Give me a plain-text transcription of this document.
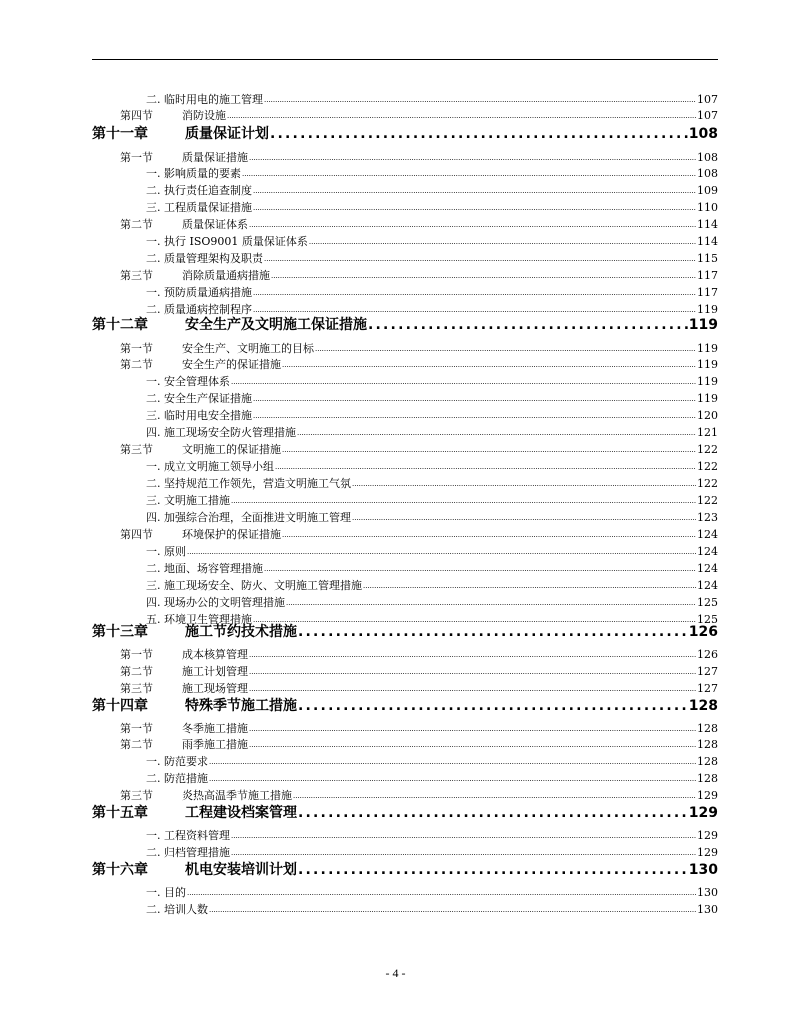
二. 临时用电的施工管理 .....	107
第四节	消防设施 .....	107
第十一章	质量保证计划 .....	108
第一节	质量保证措施 .....	108
一. 影响质量的要素 .....	108
二. 执行责任追查制度 .....	109
三. 工程质量保证措施 .....	110
第二节	质量保证体系 .....	114
一. 执行 ISO9001 质量保证体系 .....	114
二. 质量管理架构及职责 .....	115
第三节	消除质量通病措施 .....	117
一. 预防质量通病措施 .....	117
二. 质量通病控制程序 .....	119
第十二章	安全生产及文明施工保证措施 .....	119
第一节	安全生产、文明施工的目标 .....	119
第二节	安全生产的保证措施 .....	119
一. 安全管理体系 .....	119
二. 安全生产保证措施 .....	119
三. 临时用电安全措施 .....	120
四. 施工现场安全防火管理措施 .....	121
第三节	文明施工的保证措施 .....	122
一. 成立文明施工领导小组 .....	122
二. 坚持规范工作领先，营造文明施工气氛 .....	122
三. 文明施工措施 .....	122
四. 加强综合治理，全面推进文明施工管理 .....	123
第四节	环境保护的保证措施 .....	124
一. 原则 .....	124
二. 地面、场容管理措施 .....	124
三. 施工现场安全、防火、文明施工管理措施 .....	124
四. 现场办公的文明管理措施 .....	125
五. 环境卫生管理措施 .....	125
第十三章	施工节约技术措施 .....	126
第一节	成本核算管理 .....	126
第二节	施工计划管理 .....	127
第三节	施工现场管理 .....	127
第十四章	特殊季节施工措施 .....	128
第一节	冬季施工措施 .....	128
第二节	雨季施工措施 .....	128
一. 防范要求 .....	128
二. 防范措施 .....	128
第三节	炎热高温季节施工措施 .....	129
第十五章	工程建设档案管理 .....	129
一. 工程资料管理 .....	129
二. 归档管理措施 .....	129
第十六章	机电安装培训计划 .....	130
一. 目的 .....	130
二. 培训人数 .....	130
- 4 -
